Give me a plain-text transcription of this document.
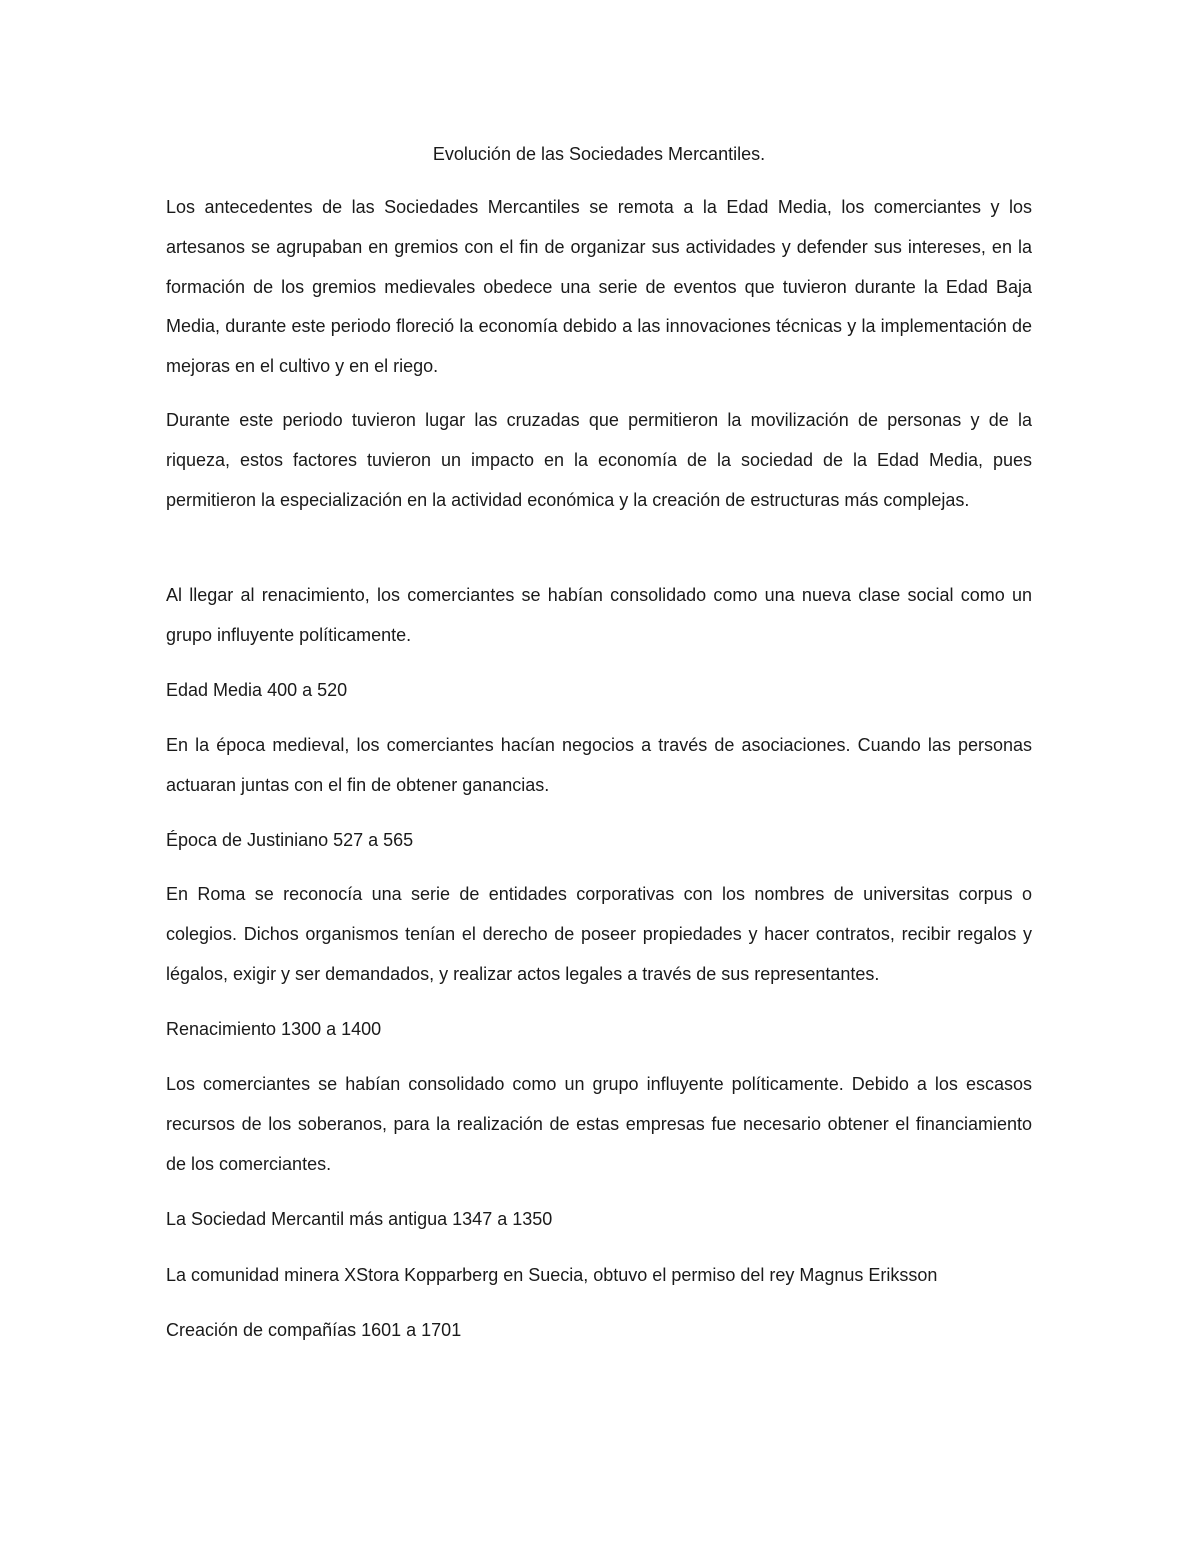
Evolución de las Sociedades Mercantiles.

Los antecedentes de las Sociedades Mercantiles se remota a la Edad Media, los comerciantes y los artesanos se agrupaban en gremios con el fin de organizar sus actividades y defender sus intereses, en la formación de los gremios medievales obedece una serie de eventos que tuvieron durante la Edad Baja Media, durante este periodo floreció la economía debido a las innovaciones técnicas y la implementación de mejoras en el cultivo y en el riego.

Durante este periodo tuvieron lugar las cruzadas que permitieron la movilización de personas y de la riqueza, estos factores tuvieron un impacto en la economía de la sociedad de la Edad Media, pues permitieron la especialización en la actividad económica y la creación de estructuras más complejas.

Al llegar al renacimiento, los comerciantes se habían consolidado como una nueva clase social como un grupo influyente políticamente.

Edad Media 400 a 520

En la época medieval, los comerciantes hacían negocios a través de asociaciones. Cuando las personas actuaran juntas con el fin de obtener ganancias.

Época de Justiniano 527 a 565

En Roma se reconocía una serie de entidades corporativas con los nombres de universitas corpus o colegios. Dichos organismos tenían el derecho de poseer propiedades y hacer contratos, recibir regalos y légalos, exigir y ser demandados, y realizar actos legales a través de sus representantes.

Renacimiento 1300 a 1400

Los comerciantes se habían consolidado como un grupo influyente políticamente. Debido a los escasos recursos de los soberanos, para la realización de estas empresas fue necesario obtener el financiamiento de los comerciantes.

La Sociedad Mercantil más antigua 1347 a 1350

La comunidad minera XStora Kopparberg en Suecia, obtuvo el permiso del rey Magnus Eriksson

Creación de compañías 1601 a 1701
